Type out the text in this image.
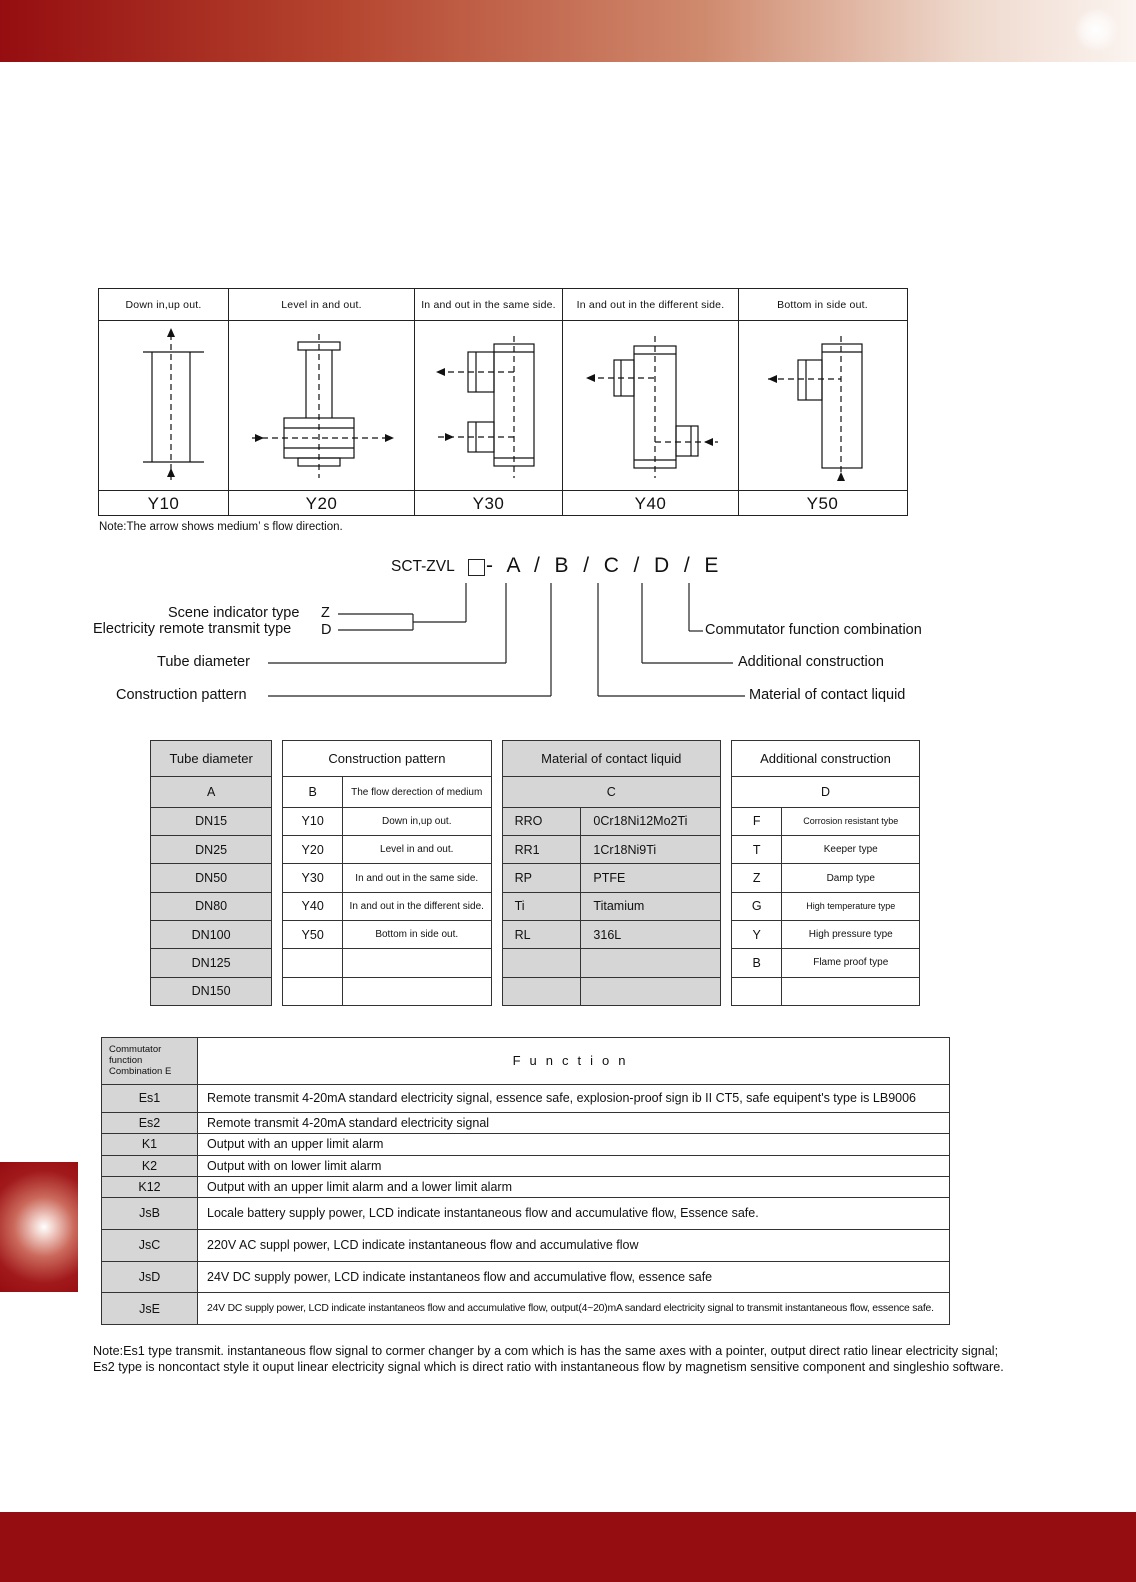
Down in,up out.	Level in and out.	In and out in the same side.	In and out in the different side.	Bottom in side out.
Y10	Y20	Y30	Y40	Y50
Note:The arrow shows medium’ s flow direction.
SCT-ZVL -  A  /  B  /  C  /  D  /  E
Scene indicator type Z
Electricity remote transmit type D
Tube diameter
Construction pattern
Commutator function combination
Additional construction
Material of contact liquid
Tube diameter		Construction pattern			Material of contact liquid			Additional construction	
A		B	The flow derection of medium		C			D	
DN15		Y10	Down in,up out.		RRO	0Cr18Ni12Mo2Ti		F	Corrosion resistant tybe
DN25		Y20	Level in and out.		RR1	1Cr18Ni9Ti		T	Keeper type
DN50		Y30	In and out in the same side.		RP	PTFE		Z	Damp type
DN80		Y40	In and out in the different side.		Ti	Titamium		G	High temperature type
DN100		Y50	Bottom in side out.		RL	316L		Y	High pressure type
DN125								B	Flame proof type
DN150									
Commutator function
Combination E	Function
Es1	Remote transmit 4-20mA standard electricity signal, essence safe, explosion-proof sign ib II CT5, safe equipent's type is LB9006
Es2	Remote transmit 4-20mA standard electricity signal
K1	Output with an upper limit alarm
K2	Output with on lower limit alarm
K12	Output with an upper limit alarm and a lower limit alarm
JsB	Locale battery supply power, LCD indicate instantaneous flow and accumulative flow, Essence safe.
JsC	220V AC suppl power, LCD indicate instantaneous flow and accumulative flow
JsD	24V DC supply power, LCD indicate instantaneos flow and accumulative flow, essence safe
JsE	24V DC supply power, LCD indicate instantaneos flow and accumulative flow, output(4~20)mA sandard electricity signal to transmit instantaneous flow, essence safe.

Note:Es1 type transmit. instantaneous flow signal to cormer changer by a com which is has the same axes with a pointer, output direct ratio linear electricity signal;

Es2 type is noncontact style it ouput linear electricity signal which is direct ratio with instantaneous flow by magnetism sensitive component and singleshio software.
